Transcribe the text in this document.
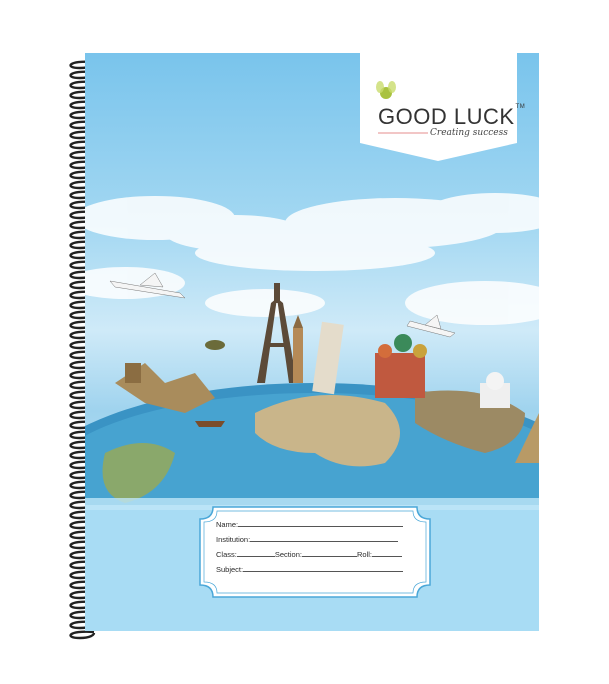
GOOD LUCK™
Creating success
Name:
Institution:
Class:	Section:	Roll:
Subject:
